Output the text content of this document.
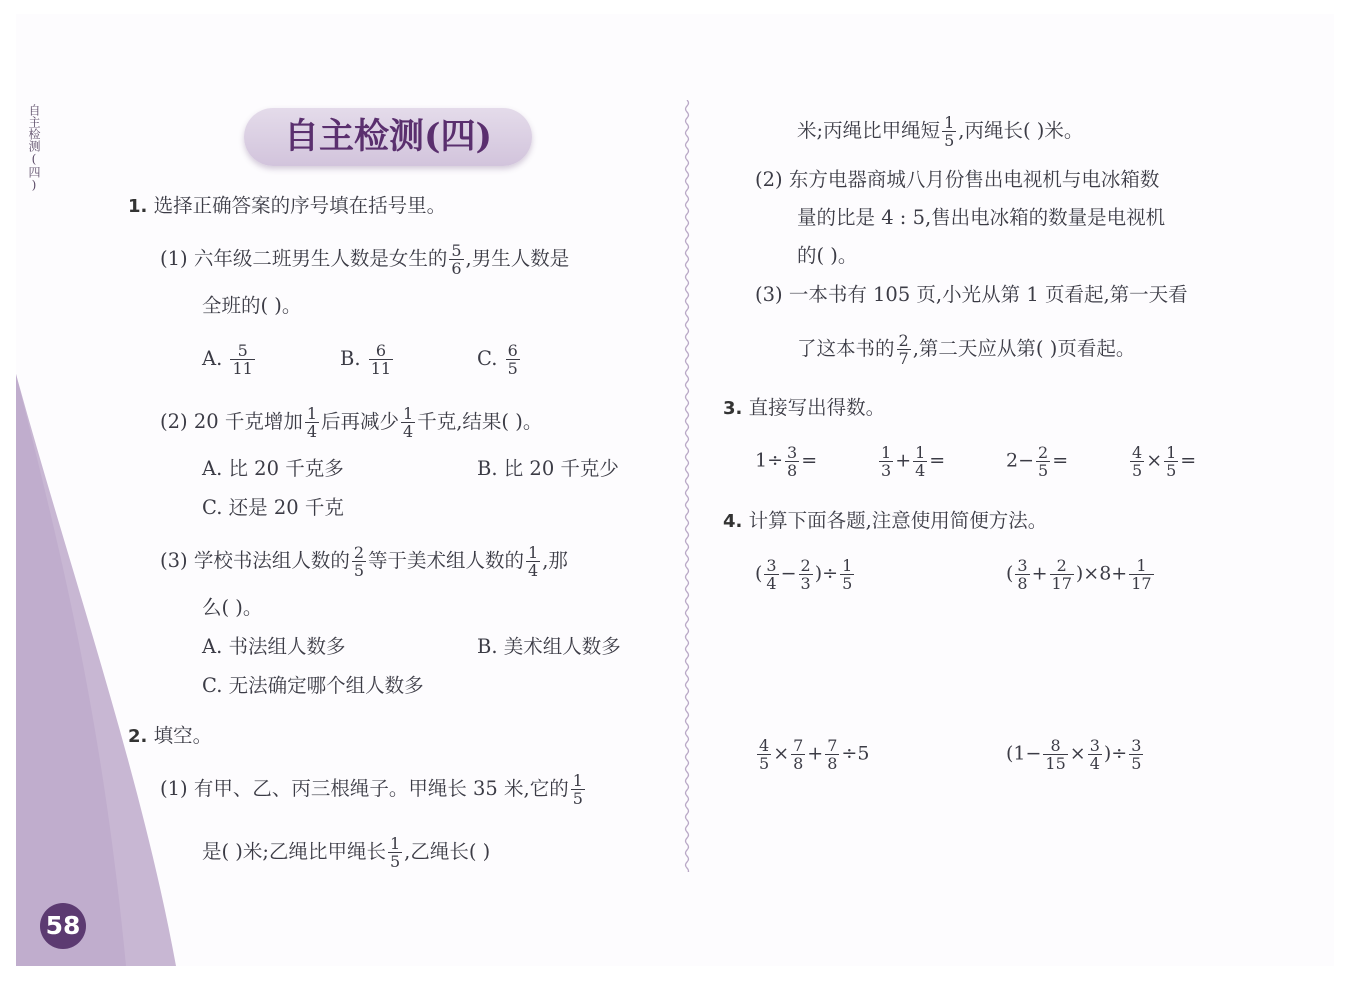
自主检测(四)
58
自主检测(四)
1. 选择正确答案的序号填在括号里。
(1) 六年级二班男生人数是女生的 $\frac{5}{6}$ ,男生人数是
全班的( )。
A. $\frac{5}{11}$	B. $\frac{6}{11}$	C. $\frac{6}{5}$
(2) 20 千克增加 $\frac{1}{4}$ 后再减少 $\frac{1}{4}$ 千克,结果( )。
A. 比 20 千克多	B. 比 20 千克少
C. 还是 20 千克
(3) 学校书法组人数的 $\frac{2}{5}$ 等于美术组人数的 $\frac{1}{4}$ ,那
么( )。
A. 书法组人数多	B. 美术组人数多
C. 无法确定哪个组人数多
2. 填空。
(1) 有甲、乙、丙三根绳子。甲绳长 35 米,它的 $\frac{1}{5}$
是( )米;乙绳比甲绳长 $\frac{1}{5}$ ,乙绳长( )
米;丙绳比甲绳短 $\frac{1}{5}$ ,丙绳长( )米。
(2) 东方电器商城八月份售出电视机与电冰箱数
量的比是 4 : 5,售出电冰箱的数量是电视机
的( )。
(3) 一本书有 105 页,小光从第 1 页看起,第一天看
了这本书的 $\frac{2}{7}$ ,第二天应从第( )页看起。
3. 直接写出得数。
$1\div \frac{3}{8}$ =	$\frac{1}{3} + \frac{1}{4}$ =	$2- \frac{2}{5}$ =	$\frac{4}{5} \times \frac{1}{5}$ =
4. 计算下面各题,注意使用简便方法。
( $\frac{3}{4} - \frac{2}{3}$ )÷ $\frac{1}{5}$	( $\frac{3}{8} + \frac{2}{17} )\times 8+ \frac{1}{17}$
$\frac{4}{5} \times \frac{7}{8} + \frac{7}{8} \div 5$	($1- \frac{8}{15} \times \frac{3}{4}$ )÷ $\frac{3}{5}$
